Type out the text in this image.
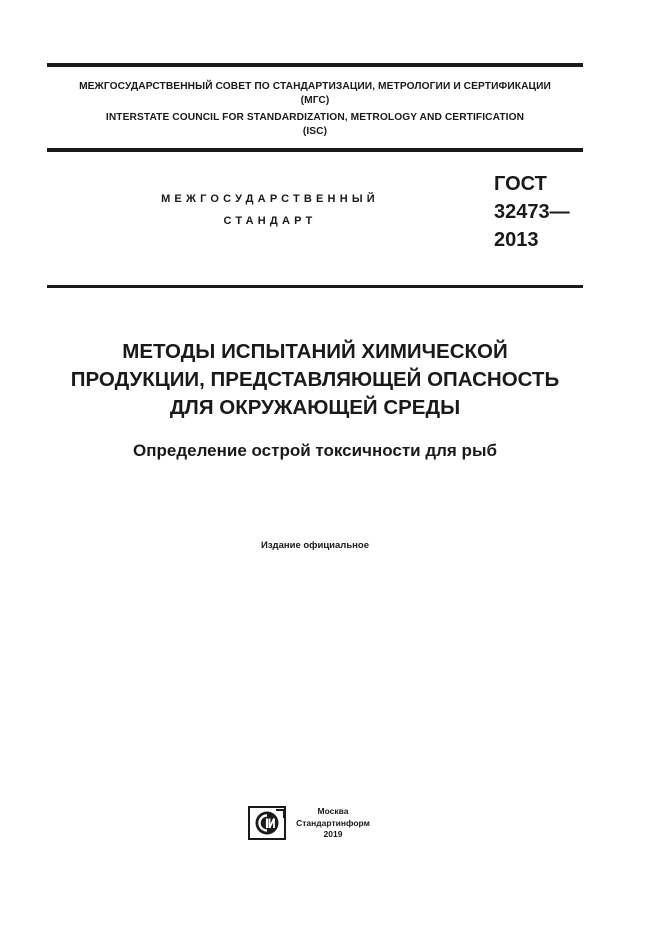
МЕЖГОСУДАРСТВЕННЫЙ СОВЕТ ПО СТАНДАРТИЗАЦИИ, МЕТРОЛОГИИ И СЕРТИФИКАЦИИ
(МГС)
INTERSTATE COUNCIL FOR STANDARDIZATION, METROLOGY AND CERTIFICATION
(ISC)
МЕЖГОСУДАРСТВЕННЫЙ
СТАНДАРТ
ГОСТ
32473—
2013
МЕТОДЫ ИСПЫТАНИЙ ХИМИЧЕСКОЙ
ПРОДУКЦИИ, ПРЕДСТАВЛЯЮЩЕЙ ОПАСНОСТЬ
ДЛЯ ОКРУЖАЮЩЕЙ СРЕДЫ
Определение острой токсичности для рыб
Издание официальное
Москва
Стандартинформ
2019
